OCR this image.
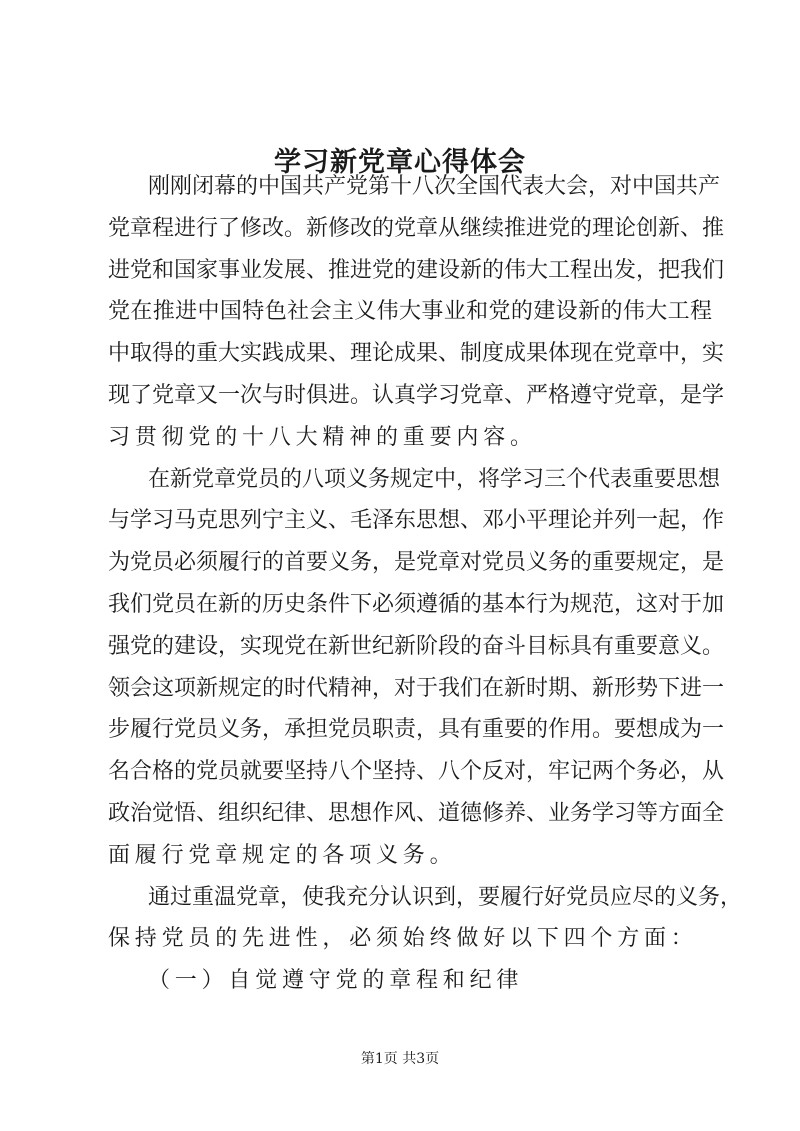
学习新党章心得体会
刚刚闭幕的中国共产党第十八次全国代表大会，对中国共产
党章程进行了修改。新修改的党章从继续推进党的理论创新、推
进党和国家事业发展、推进党的建设新的伟大工程出发，把我们
党在推进中国特色社会主义伟大事业和党的建设新的伟大工程
中取得的重大实践成果、理论成果、制度成果体现在党章中，实
现了党章又一次与时俱进。认真学习党章、严格遵守党章，是学
习贯彻党的十八大精神的重要内容。
在新党章党员的八项义务规定中，将学习三个代表重要思想
与学习马克思列宁主义、毛泽东思想、邓小平理论并列一起，作
为党员必须履行的首要义务，是党章对党员义务的重要规定，是
我们党员在新的历史条件下必须遵循的基本行为规范，这对于加
强党的建设，实现党在新世纪新阶段的奋斗目标具有重要意义。
领会这项新规定的时代精神，对于我们在新时期、新形势下进一
步履行党员义务，承担党员职责，具有重要的作用。要想成为一
名合格的党员就要坚持八个坚持、八个反对，牢记两个务必，从
政治觉悟、组织纪律、思想作风、道德修养、业务学习等方面全
面履行党章规定的各项义务。
通过重温党章，使我充分认识到，要履行好党员应尽的义务，
保持党员的先进性，必须始终做好以下四个方面：
（一）自觉遵守党的章程和纪律
第1页 共3页
